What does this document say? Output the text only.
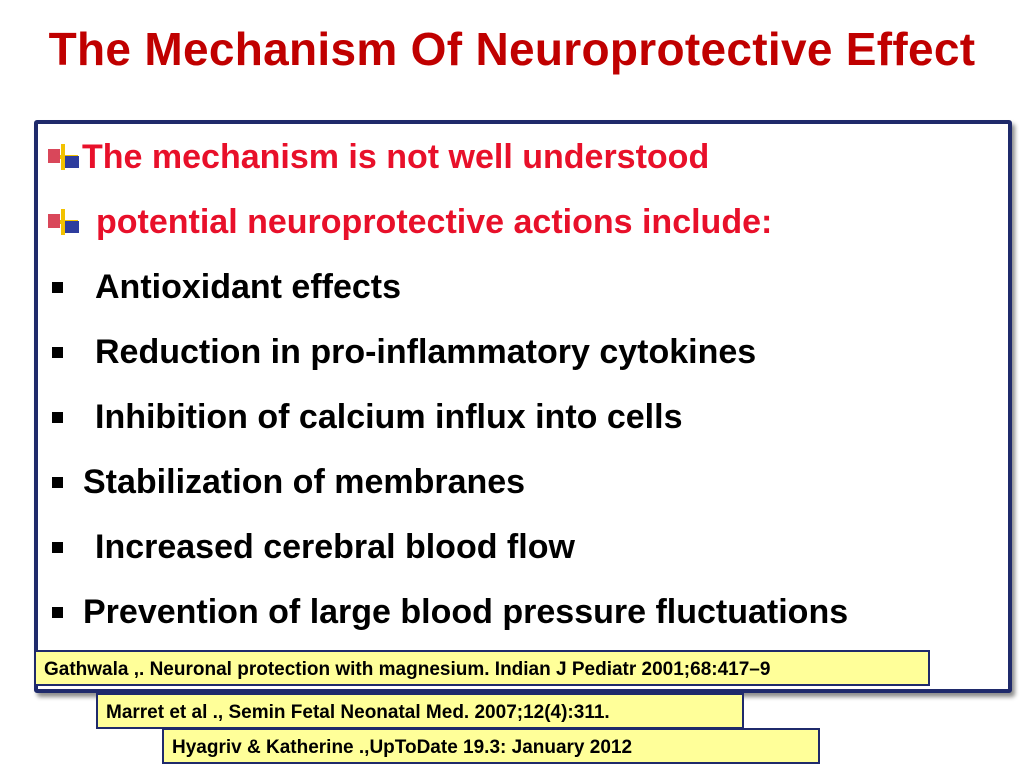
The Mechanism Of Neuroprotective Effect
The mechanism is not well understood
potential neuroprotective actions include:
Antioxidant effects
Reduction in pro-inflammatory cytokines
Inhibition of calcium influx into cells
Stabilization of membranes
Increased cerebral blood flow
Prevention of large blood pressure fluctuations
Gathwala ,. Neuronal protection with magnesium. Indian J Pediatr 2001;68:417–9
Marret et al ., Semin Fetal Neonatal Med. 2007;12(4):311.
Hyagriv & Katherine .,UpToDate 19.3: January 2012
